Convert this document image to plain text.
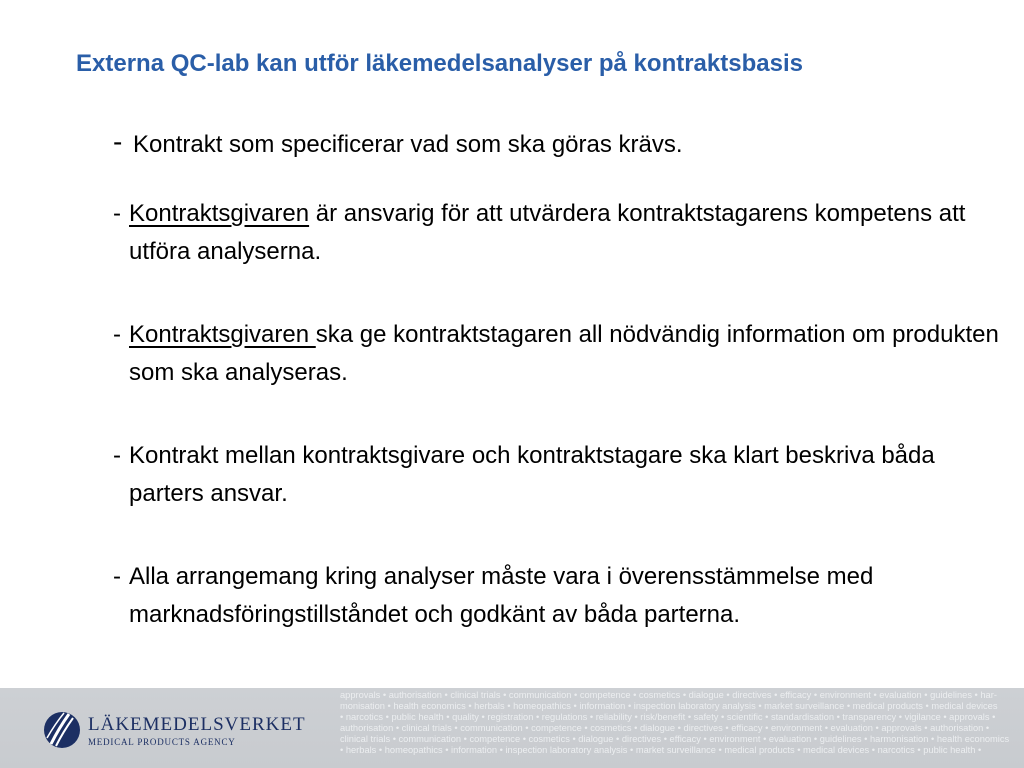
Externa QC-lab kan utför läkemedelsanalyser på kontraktsbasis
- Kontrakt som specificerar vad som ska göras krävs.
- Kontraktsgivaren är ansvarig för att utvärdera kontraktstagarens kompetens att utföra analyserna.
- Kontraktsgivaren ska ge kontraktstagaren all nödvändig information om produkten som ska analyseras.
- Kontrakt mellan kontraktsgivare och kontraktstagare ska klart beskriva båda parters ansvar.
- Alla arrangemang kring analyser måste vara i överensstämmelse med marknadsföringstillståndet och godkänt av båda parterna.
LÄKEMEDELSVERKET
MEDICAL PRODUCTS AGENCY
approvals • authorisation • clinical trials • communication • competence • cosmetics • dialogue • directives • efficacy • environment • evaluation • guidelines • har-
monisation • health economics • herbals • homeopathics • information • inspection laboratory analysis • market surveillance • medical products • medical devices
• narcotics • public health • quality • registration • regulations • reliability • risk/benefit • safety • scientific • standardisation • transparency • vigilance • approvals •
authorisation • clinical trials • communication • competence • cosmetics • dialogue • directives • efficacy • environment • evaluation • approvals • authorisation •
clinical trials • communication • competence • cosmetics • dialogue • directives • efficacy • environment • evaluation • guidelines • harmonisation • health economics
• herbals • homeopathics • information • inspection laboratory analysis • market surveillance • medical products • medical devices • narcotics • public health •
